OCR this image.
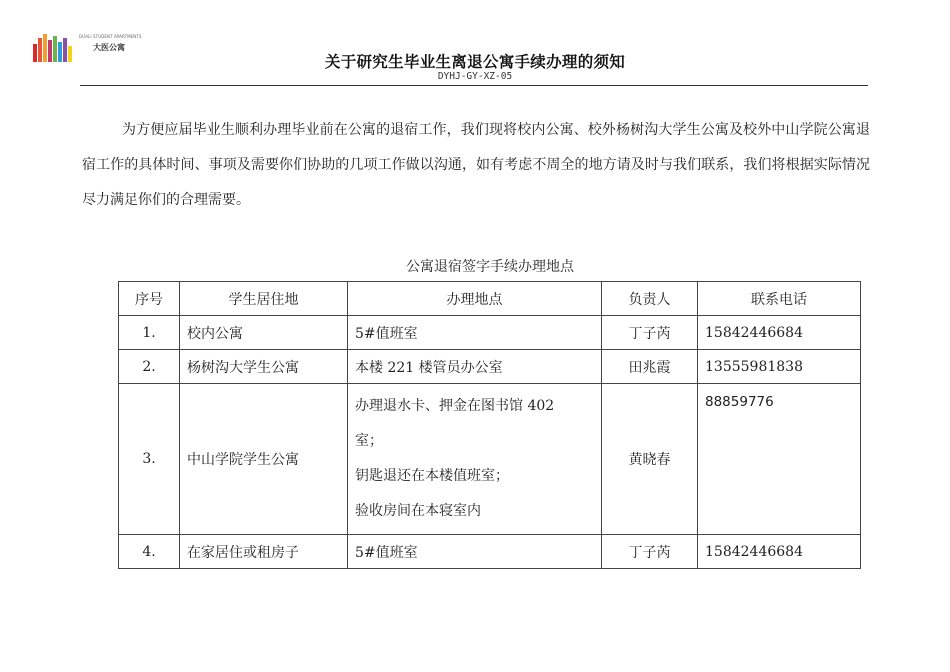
DUALI STUDENT APARTMENTS
大医公寓
关于研究生毕业生离退公寓手续办理的须知
DYHJ-GY-XZ-05

为方便应届毕业生顺利办理毕业前在公寓的退宿工作，我们现将校内公寓、校外杨树沟大学生公寓及校外中山学院公寓退宿工作的具体时间、事项及需要你们协助的几项工作做以沟通，如有考虑不周全的地方请及时与我们联系，我们将根据实际情况尽力满足你们的合理需要。

公寓退宿签字手续办理地点
序号	学生居住地	办理地点	负责人	联系电话
1.	校内公寓	5#值班室	丁子芮	15842446684
2.	杨树沟大学生公寓	本楼 221 楼管员办公室	田兆霞	13555981838
3.	中山学院学生公寓	办理退水卡、押金在图书馆 402
室；
钥匙退还在本楼值班室；
验收房间在本寝室内	黄晓春	88859776
4.	在家居住或租房子	5#值班室	丁子芮	15842446684
